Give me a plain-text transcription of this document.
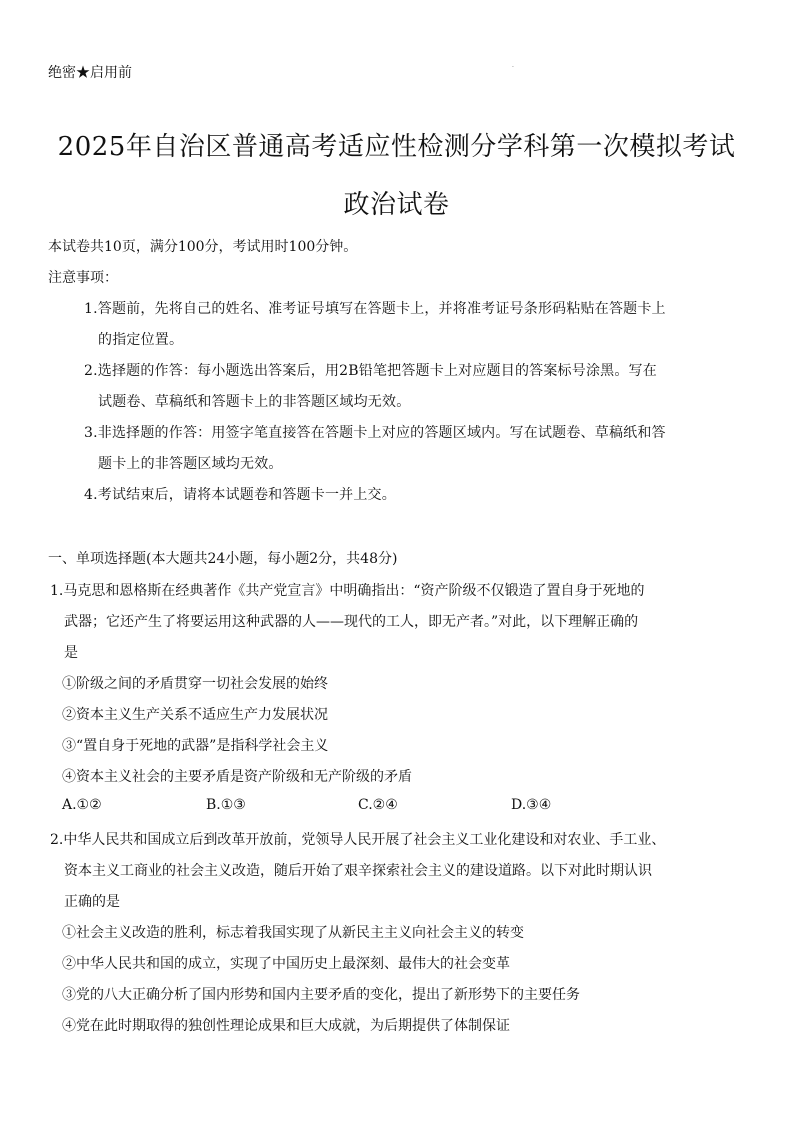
绝密★启用前	.
2025年自治区普通高考适应性检测分学科第一次模拟考试
政治试卷
本试卷共10页，满分100分，考试用时100分钟。
注意事项：
1.答题前，先将自己的姓名、准考证号填写在答题卡上，并将准考证号条形码粘贴在答题卡上
的指定位置。
2.选择题的作答：每小题选出答案后，用2B铅笔把答题卡上对应题目的答案标号涂黑。写在
试题卷、草稿纸和答题卡上的非答题区域均无效。
3.非选择题的作答：用签字笔直接答在答题卡上对应的答题区域内。写在试题卷、草稿纸和答
题卡上的非答题区域均无效。
4.考试结束后，请将本试题卷和答题卡一并上交。
一、单项选择题(本大题共24小题，每小题2分，共48分)
1.马克思和恩格斯在经典著作《共产党宣言》中明确指出：“资产阶级不仅锻造了置自身于死地的
武器；它还产生了将要运用这种武器的人——现代的工人，即无产者。”对此，以下理解正确的
是
①阶级之间的矛盾贯穿一切社会发展的始终
②资本主义生产关系不适应生产力发展状况
③“置自身于死地的武器”是指科学社会主义
④资本主义社会的主要矛盾是资产阶级和无产阶级的矛盾
A.①②	B.①③	C.②④	D.③④
2.中华人民共和国成立后到改革开放前，党领导人民开展了社会主义工业化建设和对农业、手工业、
资本主义工商业的社会主义改造，随后开始了艰辛探索社会主义的建设道路。以下对此时期认识
正确的是
①社会主义改造的胜利，标志着我国实现了从新民主主义向社会主义的转变
②中华人民共和国的成立，实现了中国历史上最深刻、最伟大的社会变革
③党的八大正确分析了国内形势和国内主要矛盾的变化，提出了新形势下的主要任务
④党在此时期取得的独创性理论成果和巨大成就，为后期提供了体制保证
